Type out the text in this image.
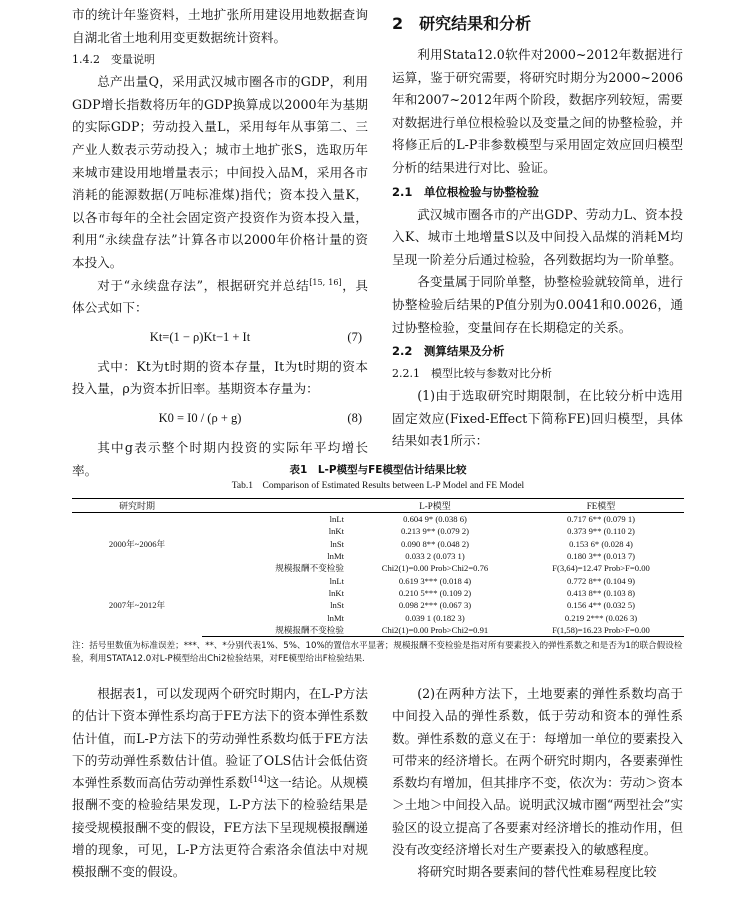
市的统计年鉴资料，土地扩张所用建设用地数据查询自湖北省土地利用变更数据统计资料。

1.4.2　变量说明

总产出量Q，采用武汉城市圈各市的GDP，利用GDP增长指数将历年的GDP换算成以2000年为基期的实际GDP；劳动投入量L，采用每年从事第二、三产业人数表示劳动投入；城市土地扩张S，选取历年来城市建设用地增量表示；中间投入品M，采用各市消耗的能源数据(万吨标准煤)指代；资本投入量K，以各市每年的全社会固定资产投资作为资本投入量，利用“永续盘存法”计算各市以2000年价格计量的资本投入。

对于“永续盘存法”，根据研究并总结[15, 16]，具体公式如下：

Kt=(1 − ρ)Kt−1 + It	(7)

式中：Kt为t时期的资本存量，It为t时期的资本投入量，ρ为资本折旧率。基期资本存量为：

K0 = I0 / (ρ + g)	(8)

其中g表示整个时期内投资的实际年平均增长率。

2　研究结果和分析

利用Stata12.0软件对2000~2012年数据进行运算，鉴于研究需要，将研究时期分为2000~2006年和2007~2012年两个阶段，数据序列较短，需要对数据进行单位根检验以及变量之间的协整检验，并将修正后的L-P非参数模型与采用固定效应回归模型分析的结果进行对比、验证。

2.1　单位根检验与协整检验

武汉城市圈各市的产出GDP、劳动力L、资本投入K、城市土地增量S以及中间投入品煤的消耗M均呈现一阶差分后通过检验，各列数据均为一阶单整。

各变量属于同阶单整，协整检验就较简单，进行协整检验后结果的P值分别为0.0041和0.0026，通过协整检验，变量间存在长期稳定的关系。

2.2　测算结果及分析

2.2.1　模型比较与参数对比分析

(1)由于选取研究时期限制，在比较分析中选用固定效应(Fixed-Effect下简称FE)回归模型，具体结果如表1所示：

表1　L-P模型与FE模型估计结果比较
Tab.1　Comparison of Estimated Results between L-P Model and FE Model
研究时期		L-P模型	FE模型
2000年~2006年	lnLt	0.604 9* (0.038 6)	0.717 6** (0.079 1)
	lnKt	0.213 9** (0.079 2)	0.373 9** (0.110 2)
	lnSt	0.090 8** (0.048 2)	0.153 6* (0.028 4)
	lnMt	0.033 2 (0.073 1)	0.180 3** (0.013 7)
	规模报酬不变检验	Chi2(1)=0.00 Prob>Chi2=0.76	F(3,64)=12.47 Prob>F=0.00
2007年~2012年	lnLt	0.619 3*** (0.018 4)	0.772 8** (0.104 9)
	lnKt	0.210 5*** (0.109 2)	0.413 8** (0.103 8)
	lnSt	0.098 2*** (0.067 3)	0.156 4** (0.032 5)
	lnMt	0.039 1 (0.182 3)	0.219 2*** (0.026 3)
	规模报酬不变检验	Chi2(1)=0.00 Prob>Chi2=0.91	F(1,58)=16.23 Prob>F=0.00
注：括号里数值为标准误差；***、**、*分别代表1%、5%、10%的置信水平显著；规模报酬不变检验是指对所有要素投入的弹性系数之和是否为1的联合假设检验，利用STATA12.0对L-P模型给出Chi2检验结果，对FE模型给出F检验结果.

根据表1，可以发现两个研究时期内，在L-P方法的估计下资本弹性系均高于FE方法下的资本弹性系数估计值，而L-P方法下的劳动弹性系数均低于FE方法下的劳动弹性系数估计值。验证了OLS估计会低估资本弹性系数而高估劳动弹性系数[14]这一结论。从规模报酬不变的检验结果发现，L-P方法下的检验结果是接受规模报酬不变的假设，FE方法下呈现规模报酬递增的现象，可见，L-P方法更符合索洛余值法中对规模报酬不变的假设。

(2)在两种方法下，土地要素的弹性系数均高于中间投入品的弹性系数，低于劳动和资本的弹性系数。弹性系数的意义在于：每增加一单位的要素投入可带来的经济增长。在两个研究时期内，各要素弹性系数均有增加，但其排序不变，依次为：劳动＞资本＞土地＞中间投入品。说明武汉城市圈“两型社会”实验区的设立提高了各要素对经济增长的推动作用，但没有改变经济增长对生产要素投入的敏感程度。

将研究时期各要素间的替代性难易程度比较
